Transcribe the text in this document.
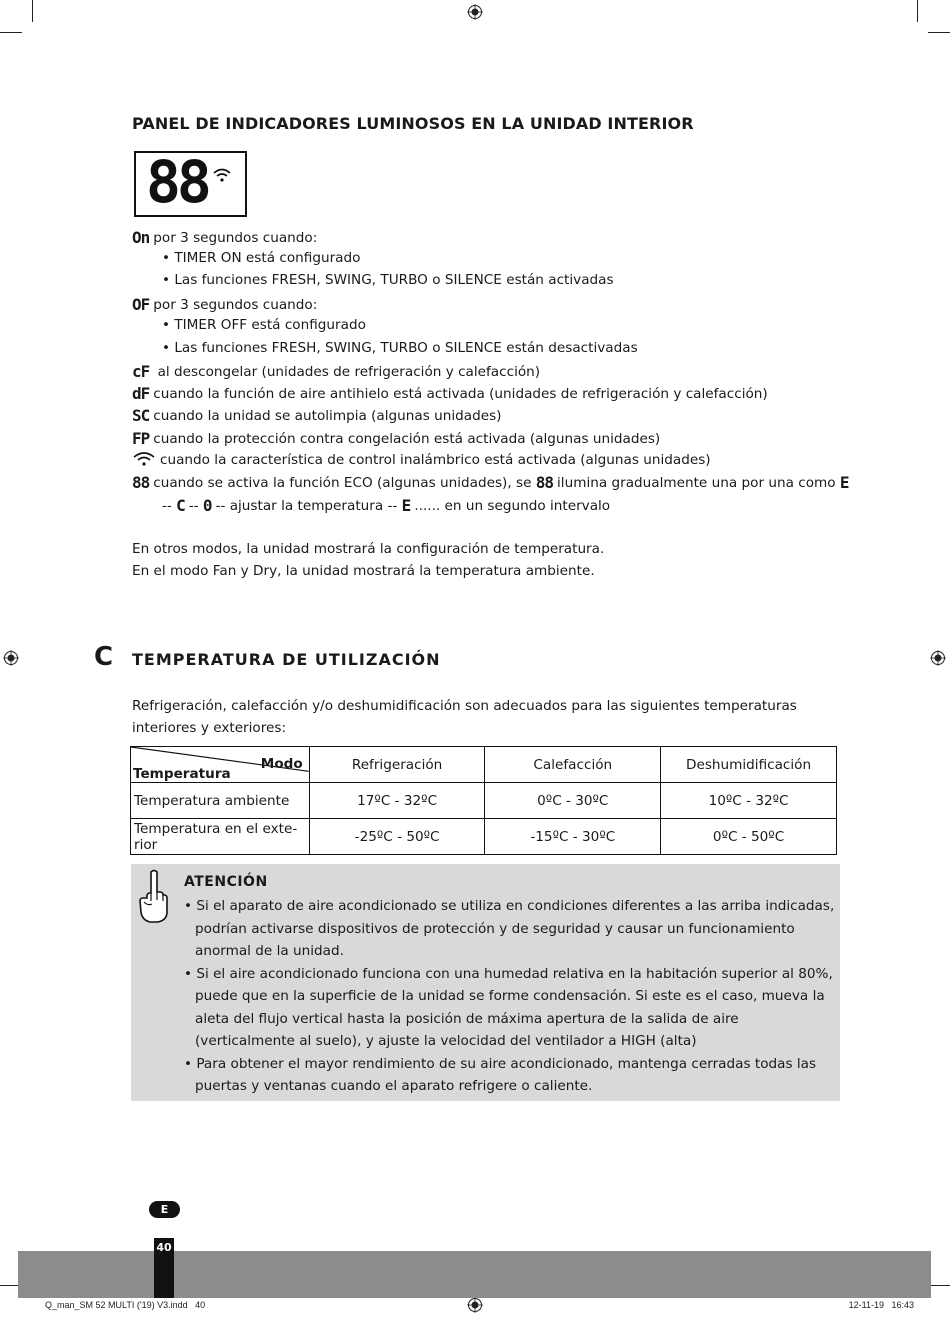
PANEL DE INDICADORES LUMINOSOS EN LA UNIDAD INTERIOR
88
On por 3 segundos cuando:
• TIMER ON está configurado
• Las funciones FRESH, SWING, TURBO o SILENCE están activadas
OF por 3 segundos cuando:
• TIMER OFF está configurado
• Las funciones FRESH, SWING, TURBO o SILENCE están desactivadas
cF al descongelar (unidades de refrigeración y calefacción)
dF cuando la función de aire antihielo está activada (unidades de refrigeración y calefacción)
SC cuando la unidad se autolimpia (algunas unidades)
FP cuando la protección contra congelación está activada (algunas unidades)
cuando la característica de control inalámbrico está activada (algunas unidades)
88 cuando se activa la función ECO (algunas unidades), se 88 ilumina gradualmente una por una como E
-- C -- 0 -- ajustar la temperatura -- E ...... en un segundo intervalo
En otros modos, la unidad mostrará la configuración de temperatura.
En el modo Fan y Dry, la unidad mostrará la temperatura ambiente.
C TEMPERATURA DE UTILIZACIÓN
Refrigeración, calefacción y/o deshumidificación son adecuados para las siguientes temperaturas interiores y exteriores:
Modo
Temperatura	Refrigeración	Calefacción	Deshumidificación
Temperatura ambiente	17ºC - 32ºC	0ºC - 30ºC	10ºC - 32ºC
Temperatura en el exte- rior	-25ºC - 50ºC	-15ºC - 30ºC	0ºC - 50ºC
ATENCIÓN

• Si el aparato de aire acondicionado se utiliza en condiciones diferentes a las arriba indicadas, podrían activarse dispositivos de protección y de seguridad y causar un funcionamiento anormal de la unidad.

• Si el aire acondicionado funciona con una humedad relativa en la habitación superior al 80%, puede que en la superficie de la unidad se forme condensación. Si este es el caso, mueva la aleta del flujo vertical hasta la posición de máxima apertura de la salida de aire (verticalmente al suelo), y ajuste la velocidad del ventilador a HIGH (alta)

• Para obtener el mayor rendimiento de su aire acondicionado, mantenga cerradas todas las puertas y ventanas cuando el aparato refrigere o caliente.

E
40
Q_man_SM 52 MULTI ('19) V3.indd   40	12-11-19   16:43
